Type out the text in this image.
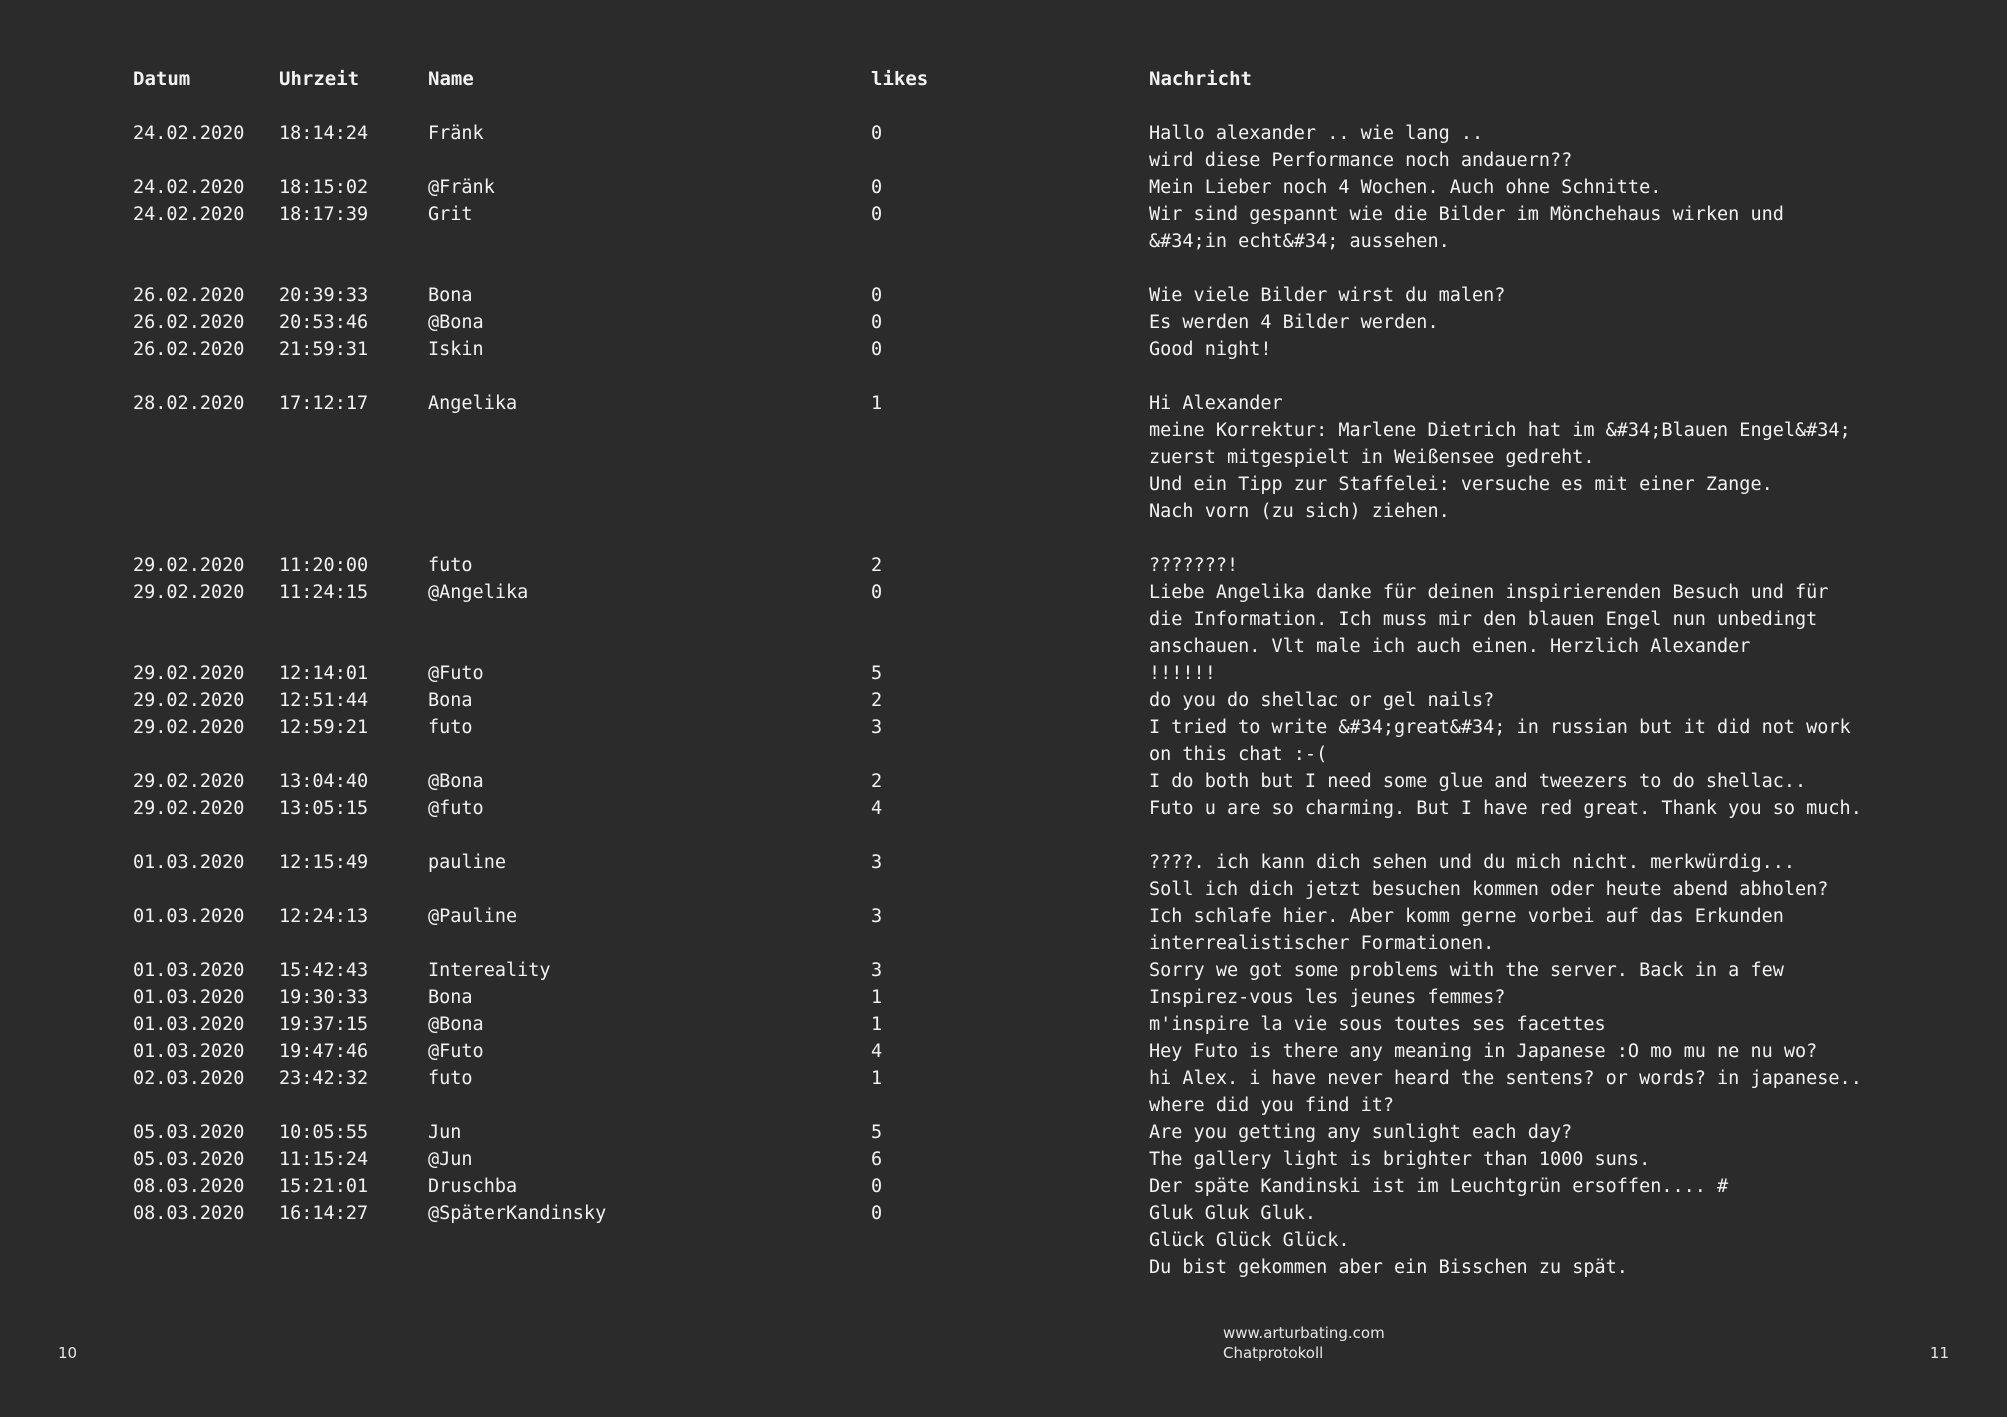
Datum	Uhrzeit	Name	likes	Nachricht
24.02.2020 18:14:24	Fränk	0	Hallo alexander .. wie lang ..
wird diese Performance noch andauern??
24.02.2020 18:15:02	@Fränk	0	Mein Lieber noch 4 Wochen. Auch ohne Schnitte.
24.02.2020 18:17:39	Grit	0	Wir sind gespannt wie die Bilder im Mönchehaus wirken und
&#34;in echt&#34; aussehen.
26.02.2020 20:39:33	Bona	0	Wie viele Bilder wirst du malen?
26.02.2020 20:53:46	@Bona	0	Es werden 4 Bilder werden.
26.02.2020 21:59:31	Iskin	0	Good night!
28.02.2020 17:12:17	Angelika	1	Hi Alexander
meine Korrektur: Marlene Dietrich hat im &#34;Blauen Engel&#34;
zuerst mitgespielt in Weißensee gedreht.
Und ein Tipp zur Staffelei: versuche es mit einer Zange.
Nach vorn (zu sich) ziehen.
29.02.2020 11:20:00	futo	2	???????!
29.02.2020 11:24:15	@Angelika	0	Liebe Angelika danke für deinen inspirierenden Besuch und für
die Information. Ich muss mir den blauen Engel nun unbedingt
anschauen. Vlt male ich auch einen. Herzlich Alexander
29.02.2020 12:14:01	@Futo	5	!!!!!!
29.02.2020 12:51:44	Bona	2	do you do shellac or gel nails?
29.02.2020 12:59:21	futo	3	I tried to write &#34;great&#34; in russian but it did not work
on this chat :-(
29.02.2020 13:04:40	@Bona	2	I do both but I need some glue and tweezers to do shellac..
29.02.2020 13:05:15	@futo	4	Futo u are so charming. But I have red great. Thank you so much.
01.03.2020 12:15:49	pauline	3	????. ich kann dich sehen und du mich nicht. merkwürdig...
Soll ich dich jetzt besuchen kommen oder heute abend abholen?
01.03.2020 12:24:13	@Pauline	3	Ich schlafe hier. Aber komm gerne vorbei auf das Erkunden
interrealistischer Formationen.
01.03.2020 15:42:43	Intereality	3	Sorry we got some problems with the server. Back in a few
01.03.2020 19:30:33	Bona	1	Inspirez-vous les jeunes femmes?
01.03.2020 19:37:15	@Bona	1	m'inspire la vie sous toutes ses facettes
01.03.2020 19:47:46	@Futo	4	Hey Futo is there any meaning in Japanese :O mo mu ne nu wo?
02.03.2020 23:42:32	futo	1	hi Alex. i have never heard the sentens? or words? in japanese..
where did you find it?
05.03.2020 10:05:55	Jun	5	Are you getting any sunlight each day?
05.03.2020 11:15:24	@Jun	6	The gallery light is brighter than 1000 suns.
08.03.2020 15:21:01	Druschba	0	Der späte Kandinski ist im Leuchtgrün ersoffen.... #
08.03.2020 16:14:27	@SpäterKandinsky	0	Gluk Gluk Gluk.
Glück Glück Glück.
Du bist gekommen aber ein Bisschen zu spät.
www.arturbating.com
Chatprotokoll
10	11
